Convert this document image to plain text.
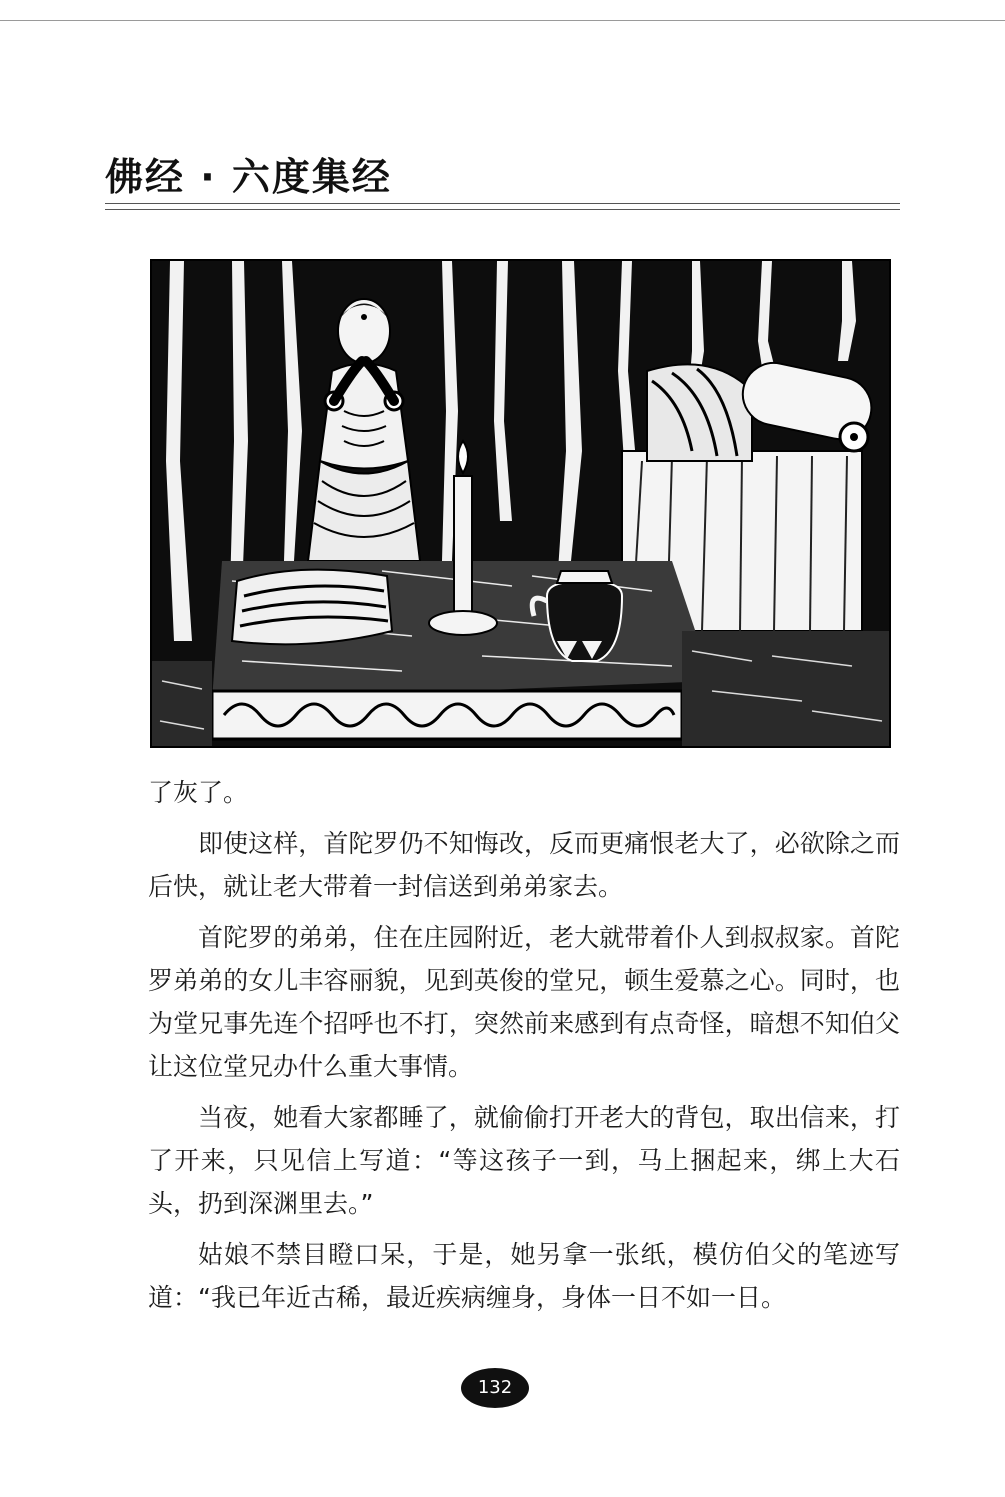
佛经 · 六度集经

了灰了。

即使这样，首陀罗仍不知悔改，反而更痛恨老大了，必欲除之而后快，就让老大带着一封信送到弟弟家去。

首陀罗的弟弟，住在庄园附近，老大就带着仆人到叔叔家。首陀罗弟弟的女儿丰容丽貌，见到英俊的堂兄，顿生爱慕之心。同时，也为堂兄事先连个招呼也不打，突然前来感到有点奇怪，暗想不知伯父让这位堂兄办什么重大事情。

当夜，她看大家都睡了，就偷偷打开老大的背包，取出信来，打了开来，只见信上写道：“等这孩子一到，马上捆起来，绑上大石头，扔到深渊里去。”

姑娘不禁目瞪口呆，于是，她另拿一张纸，模仿伯父的笔迹写道：“我已年近古稀，最近疾病缠身，身体一日不如一日。

132
